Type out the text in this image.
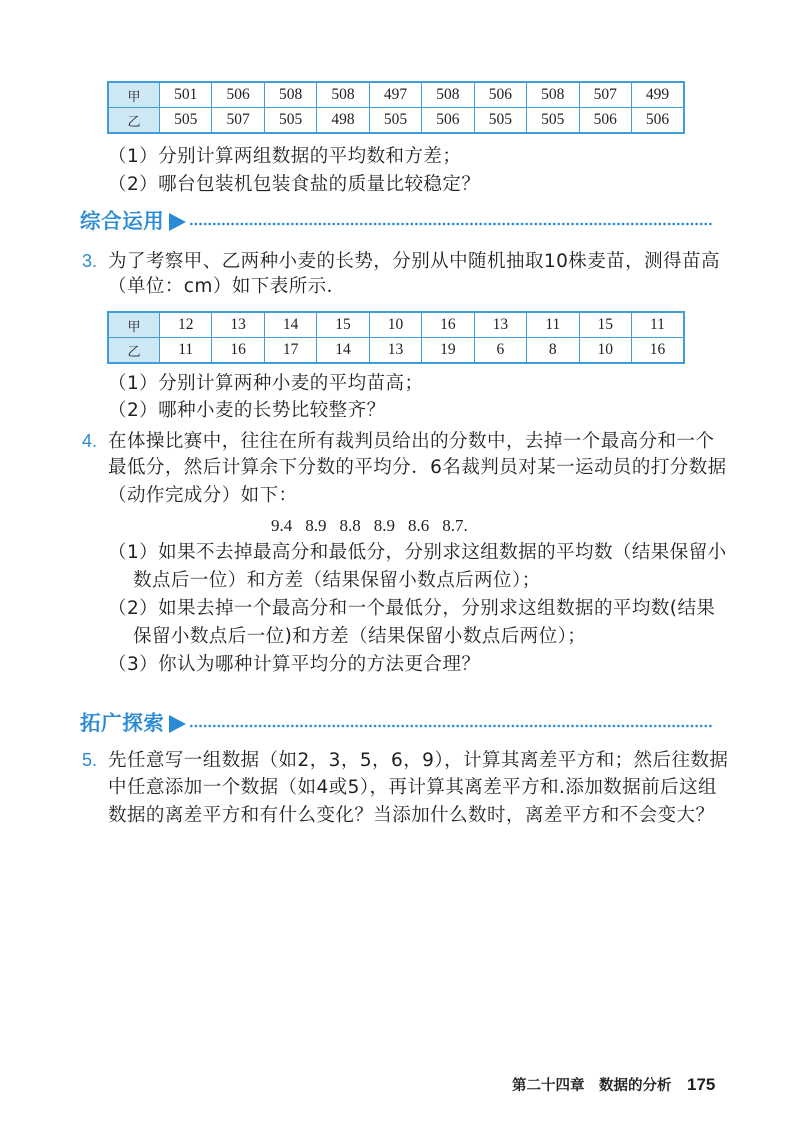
甲	501	506	508	508	497	508	506	508	507	499
乙	505	507	505	498	505	506	505	505	506	506
（1）分别计算两组数据的平均数和方差；
（2）哪台包装机包装食盐的质量比较稳定？
综合运用
3. 为了考察甲、乙两种小麦的长势，分别从中随机抽取10株麦苗，测得苗高
（单位：cm）如下表所示．
甲	12	13	14	15	10	16	13	11	15	11
乙	11	16	17	14	13	19	6	8	10	16
（1）分别计算两种小麦的平均苗高；
（2）哪种小麦的长势比较整齐？
4. 在体操比赛中，往往在所有裁判员给出的分数中，去掉一个最高分和一个
最低分，然后计算余下分数的平均分．6名裁判员对某一运动员的打分数据
（动作完成分）如下：
9.4 8.9 8.8 8.9 8.6 8.7.
（1）如果不去掉最高分和最低分，分别求这组数据的平均数（结果保留小
数点后一位）和方差（结果保留小数点后两位）；
（2）如果去掉一个最高分和一个最低分，分别求这组数据的平均数(结果
保留小数点后一位)和方差（结果保留小数点后两位）；
（3）你认为哪种计算平均分的方法更合理？
拓广探索
5. 先任意写一组数据（如2，3，5，6，9），计算其离差平方和；然后往数据
中任意添加一个数据（如4或5），再计算其离差平方和.添加数据前后这组
数据的离差平方和有什么变化？当添加什么数时，离差平方和不会变大？
第二十四章　数据的分析 175
